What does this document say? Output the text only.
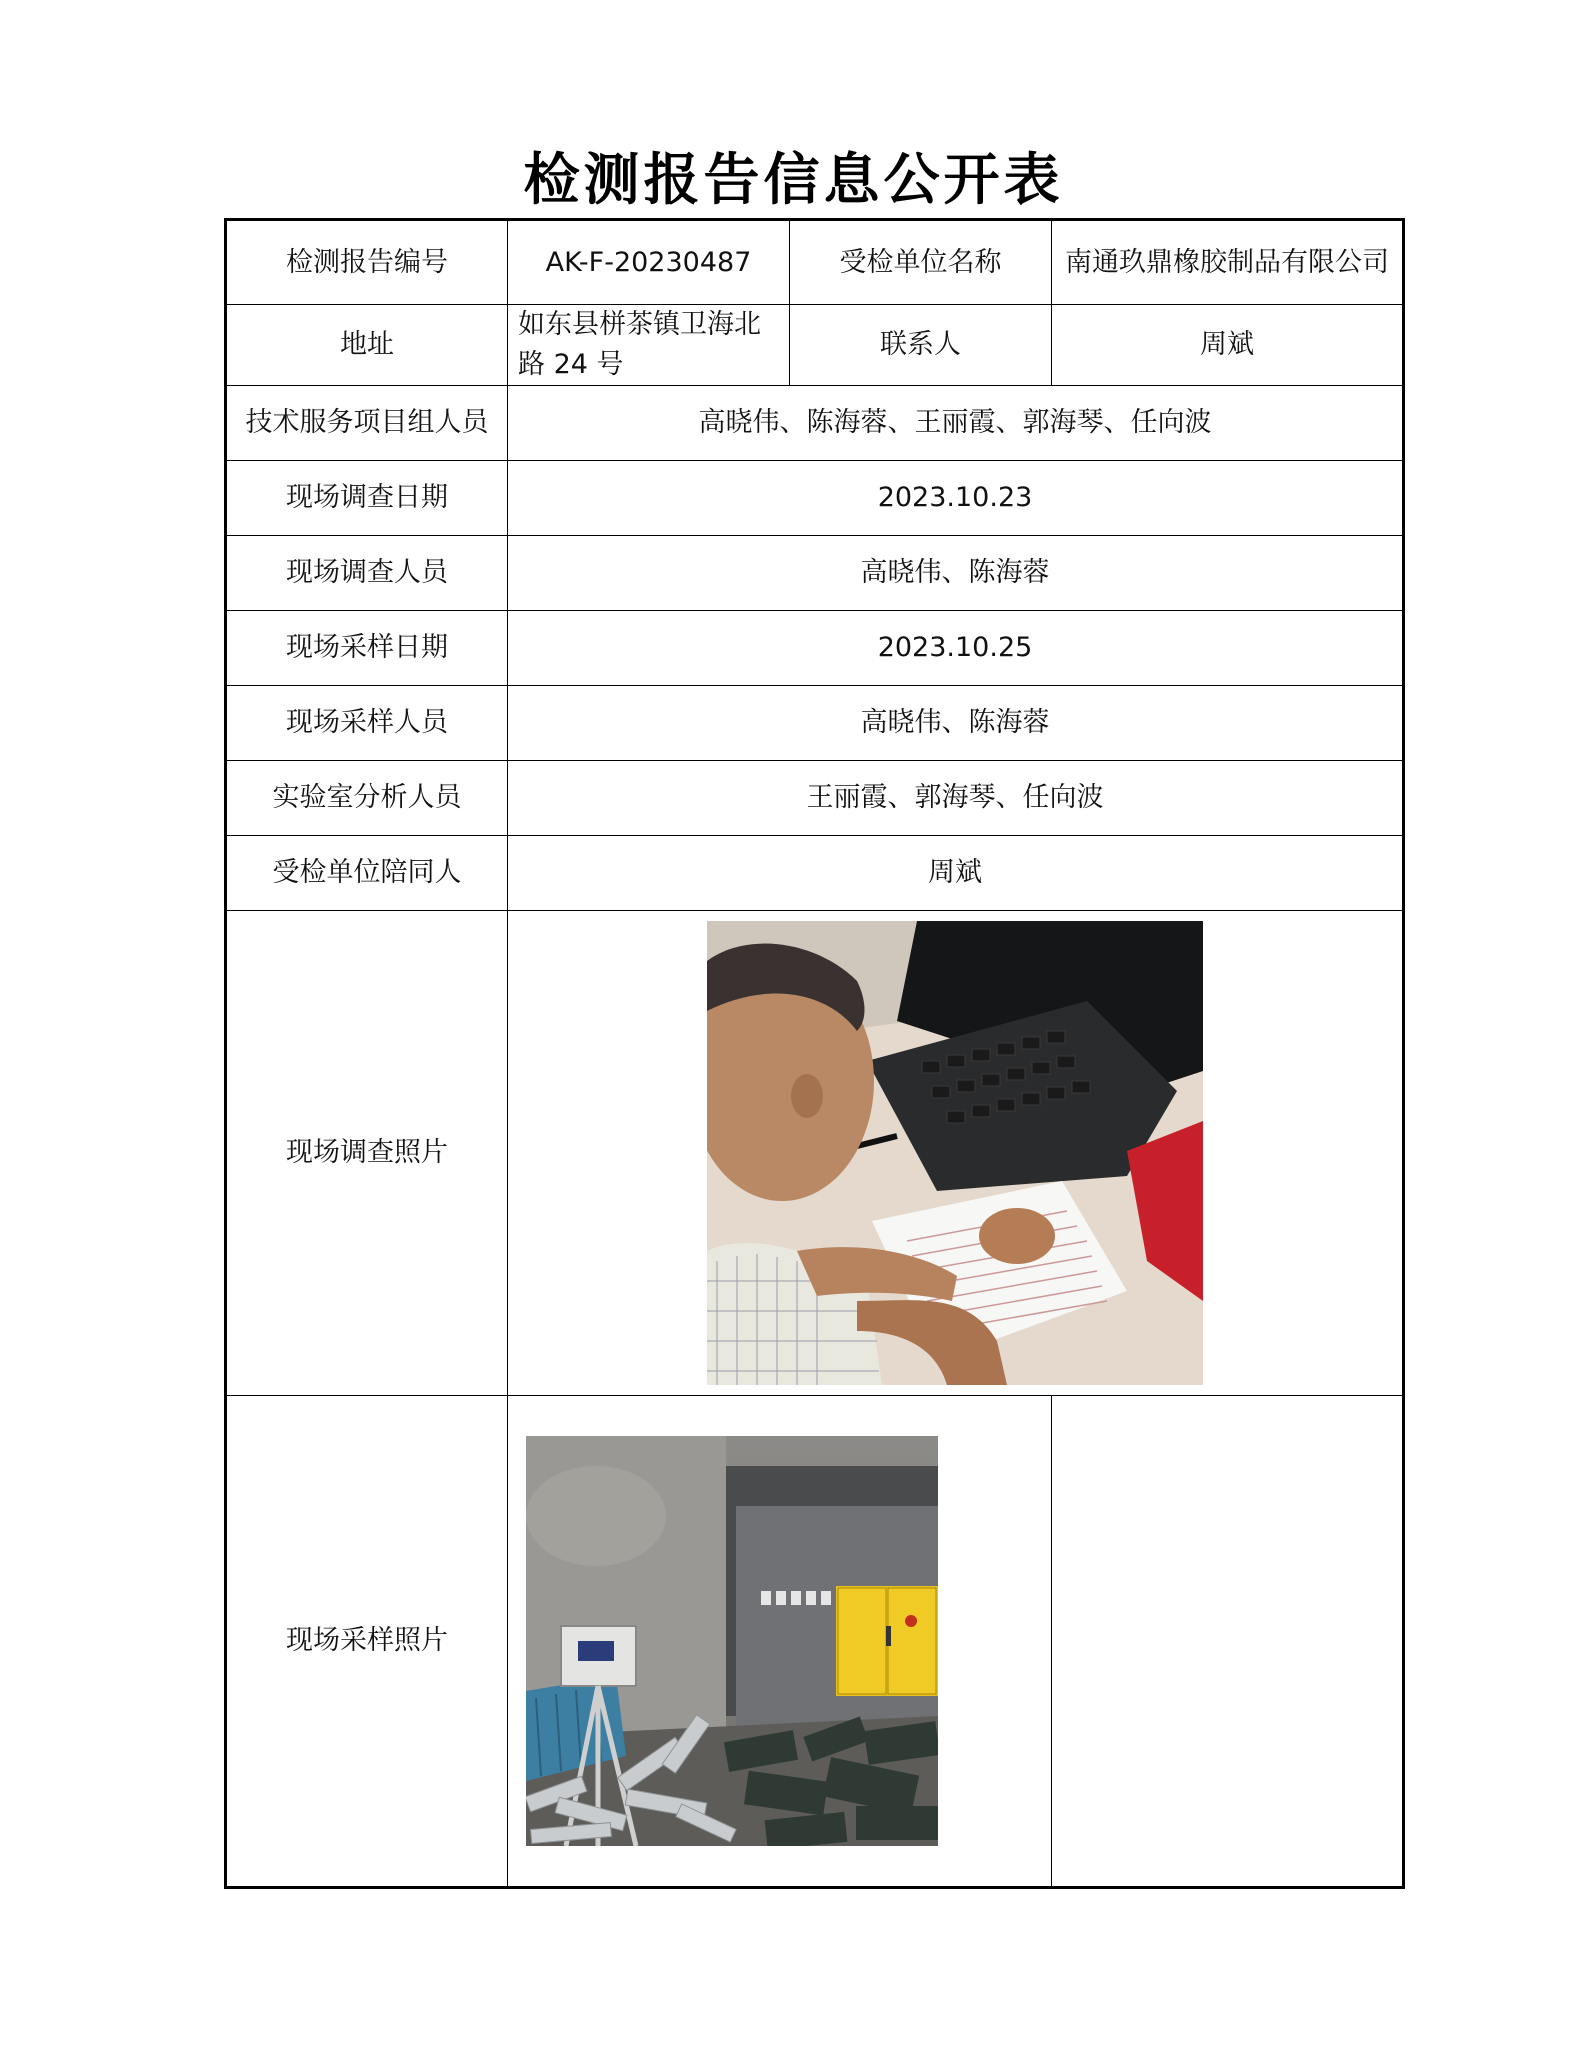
检测报告信息公开表
检测报告编号	AK-F-20230487	受检单位名称	南通玖鼎橡胶制品有限公司
地址	如东县栟茶镇卫海北路 24 号	联系人	周斌
技术服务项目组人员	高晓伟、陈海蓉、王丽霞、郭海琴、任向波		
现场调查日期	2023.10.23		
现场调查人员	高晓伟、陈海蓉		
现场采样日期	2023.10.25		
现场采样人员	高晓伟、陈海蓉		
实验室分析人员	王丽霞、郭海琴、任向波		
受检单位陪同人	周斌		
现场调查照片	

现场采样照片	
